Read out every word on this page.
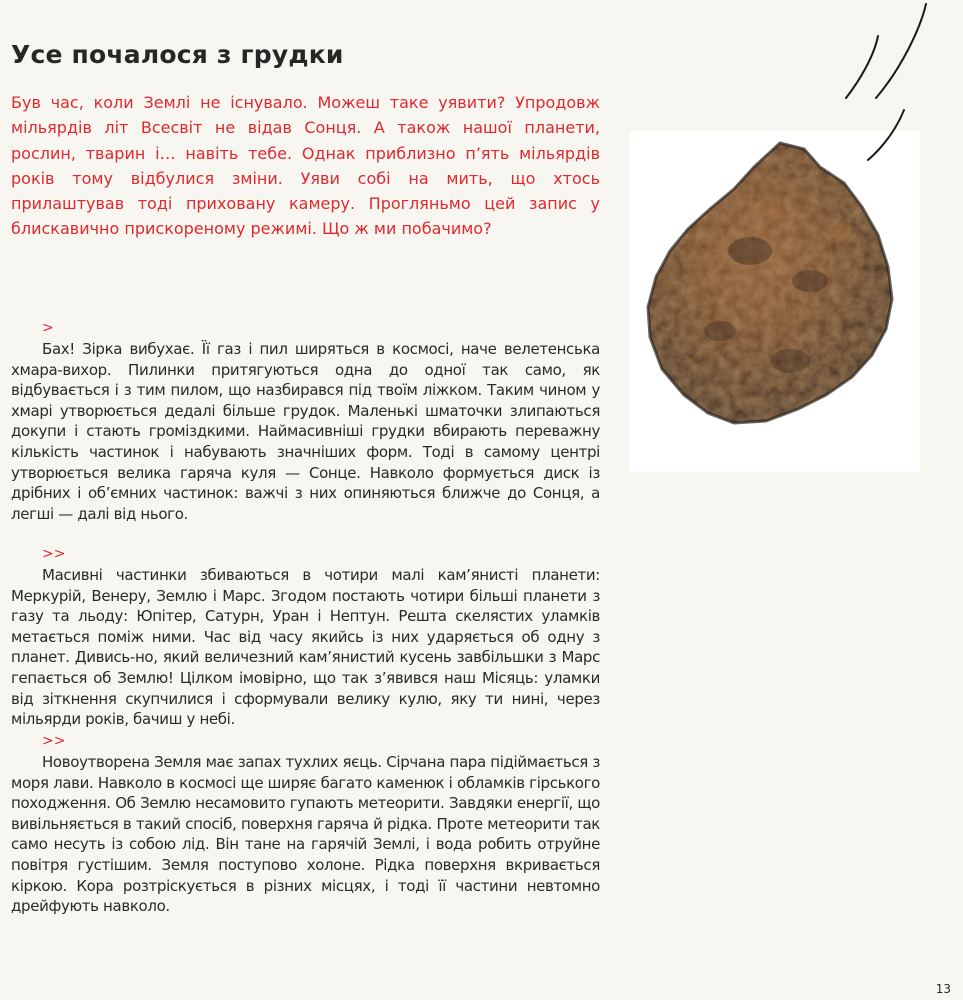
Усе почалося з грудки

Був час, коли Землі не існувало. Можеш таке уявити? Упродовж мільярдів літ Всесвіт не відав Сонця. А також нашої планети, рослин, тварин і… навіть тебе. Однак приблизно п’ять мільярдів років тому відбулися зміни. Уяви собі на мить, що хтось прилаштував тоді приховану камеру. Прогляньмо цей запис у блискавично прискореному режимі. Що ж ми побачимо?

>

Бах! Зірка вибухає. Її газ і пил ширяться в космосі, наче велетенська хмара-вихор. Пилинки притягуються одна до одної так само, як відбувається і з тим пилом, що назбирався під твоїм ліжком. Таким чином у хмарі утворюється дедалі більше грудок. Маленькі шматочки злипаються докупи і стають громіздкими. Наймасивніші грудки вбирають переважну кількість частинок і набувають значніших форм. Тоді в самому центрі утворюється велика гаряча куля — Сонце. Навколо формується диск із дрібних і об’ємних частинок: важчі з них опиняються ближче до Сонця, а легші — далі від нього.

>>

Масивні частинки збиваються в чотири малі кам’янисті планети: Меркурій, Венеру, Землю і Марс. Згодом постають чотири більші планети з газу та льоду: Юпітер, Сатурн, Уран і Нептун. Решта скелястих уламків метається поміж ними. Час від часу якийсь із них ударяється об одну з планет. Дивись-но, який величезний кам’янистий кусень завбільшки з Марс гепається об Землю! Цілком імовірно, що так з’явився наш Місяць: уламки від зіткнення скупчилися і сформували велику кулю, яку ти нині, через мільярди років, бачиш у небі.

>>

Новоутворена Земля має запах тухлих яєць. Сірчана пара підіймається з моря лави. Навколо в космосі ще ширяє багато каменюк і обламків гірського походження. Об Землю несамовито гупають метеорити. Завдяки енергії, що вивільняється в такий спосіб, поверхня гаряча й рідка. Проте метеорити так само несуть із собою лід. Він тане на гарячій Землі, і вода робить отруйне повітря густішим. Земля поступово холоне. Рідка поверхня вкривається кіркою. Кора розтріскується в різних місцях, і тоді її частини невтомно дрейфують навколо.

13
